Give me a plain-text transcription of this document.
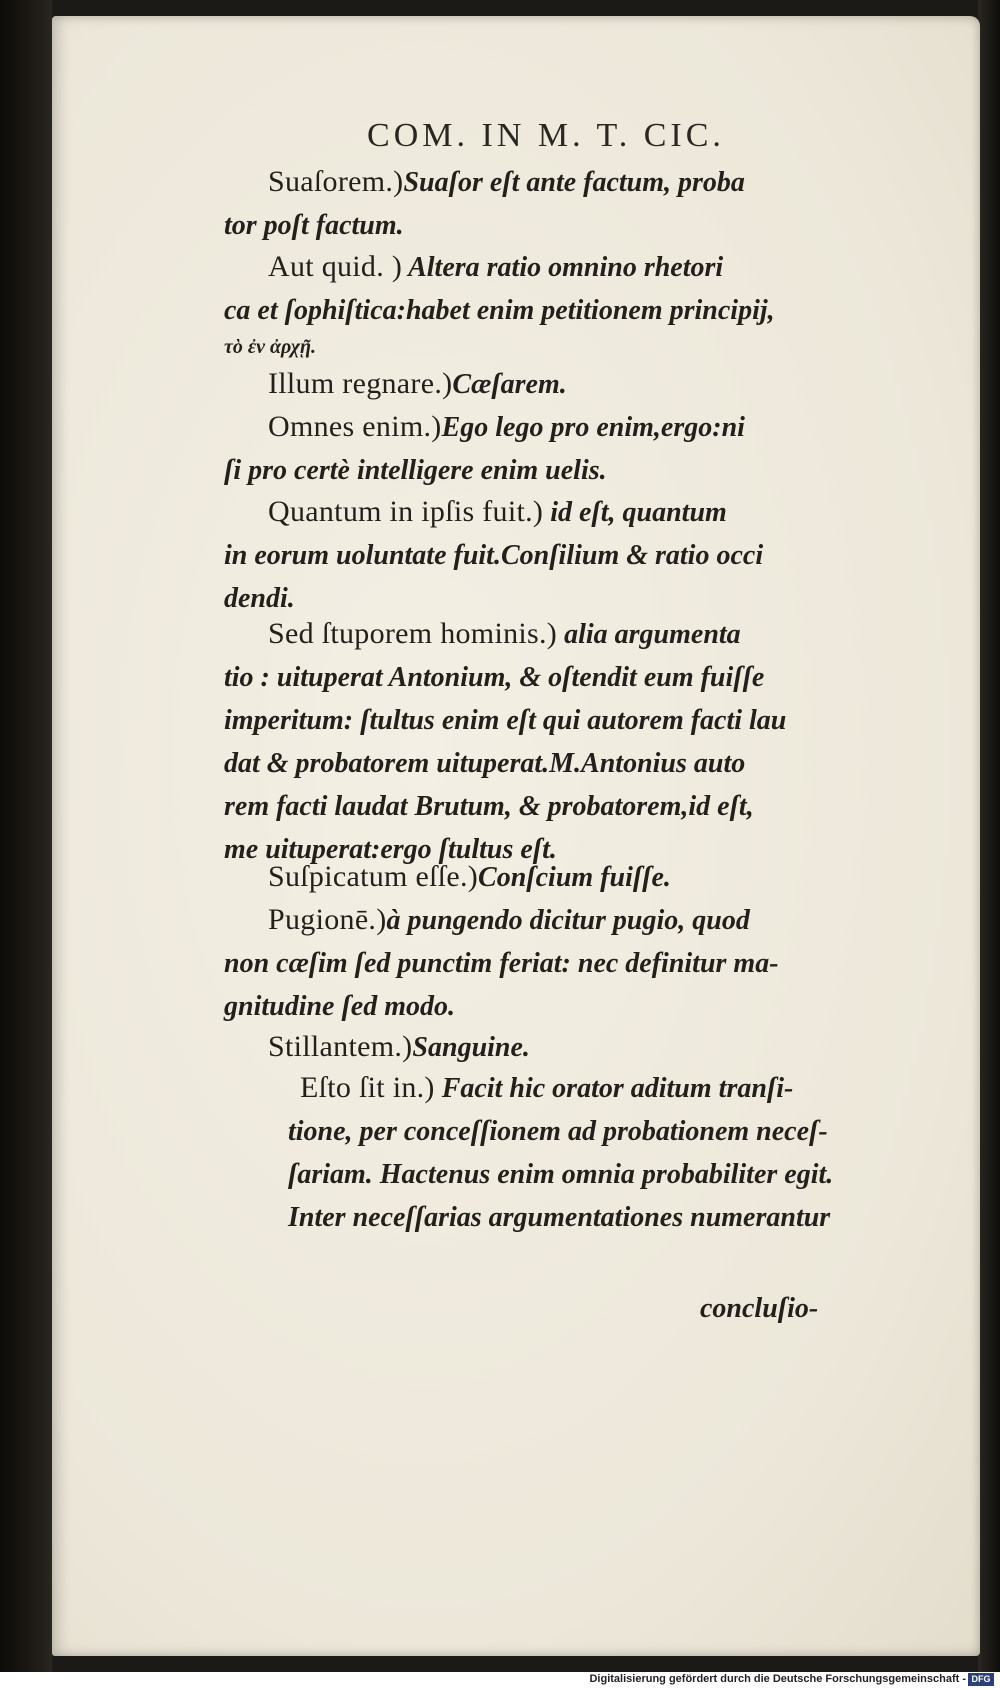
COM. IN M. T. CIC.
Suaſorem.)Suaſor eſt ante factum, proba
tor poſt factum.
Aut quid. ) Altera ratio omnino rhetori
ca et ſophiſtica:habet enim petitionem principij,
τὸ ἐν ἀρχῇ.
Illum regnare.)Cæſarem.
Omnes enim.)Ego lego pro enim,ergo:ni
ſi pro certè intelligere enim uelis.
Quantum in ipſis fuit.) id eſt, quantum
in eorum uoluntate fuit.Conſilium & ratio occi
dendi.
Sed ſtuporem hominis.) alia argumenta
tio : uituperat Antonium, & oſtendit eum fuiſſe
imperitum: ſtultus enim eſt qui autorem facti lau
dat & probatorem uituperat.M.Antonius auto
rem facti laudat Brutum, & probatorem,id eſt,
me uituperat:ergo ſtultus eſt.
Suſpicatum eſſe.)Conſcium fuiſſe.
Pugionē.)à pungendo dicitur pugio, quod
non cæſim ſed punctim feriat: nec definitur ma-
gnitudine ſed modo.
Stillantem.)Sanguine.
Eſto ſit in.) Facit hic orator aditum tranſi-
tione, per conceſſionem ad probationem neceſ-
ſariam. Hactenus enim omnia probabiliter egit.
Inter neceſſarias argumentationes numerantur
concluſio-
Digitalisierung gefördert durch die Deutsche Forschungsgemeinschaft - DFG
